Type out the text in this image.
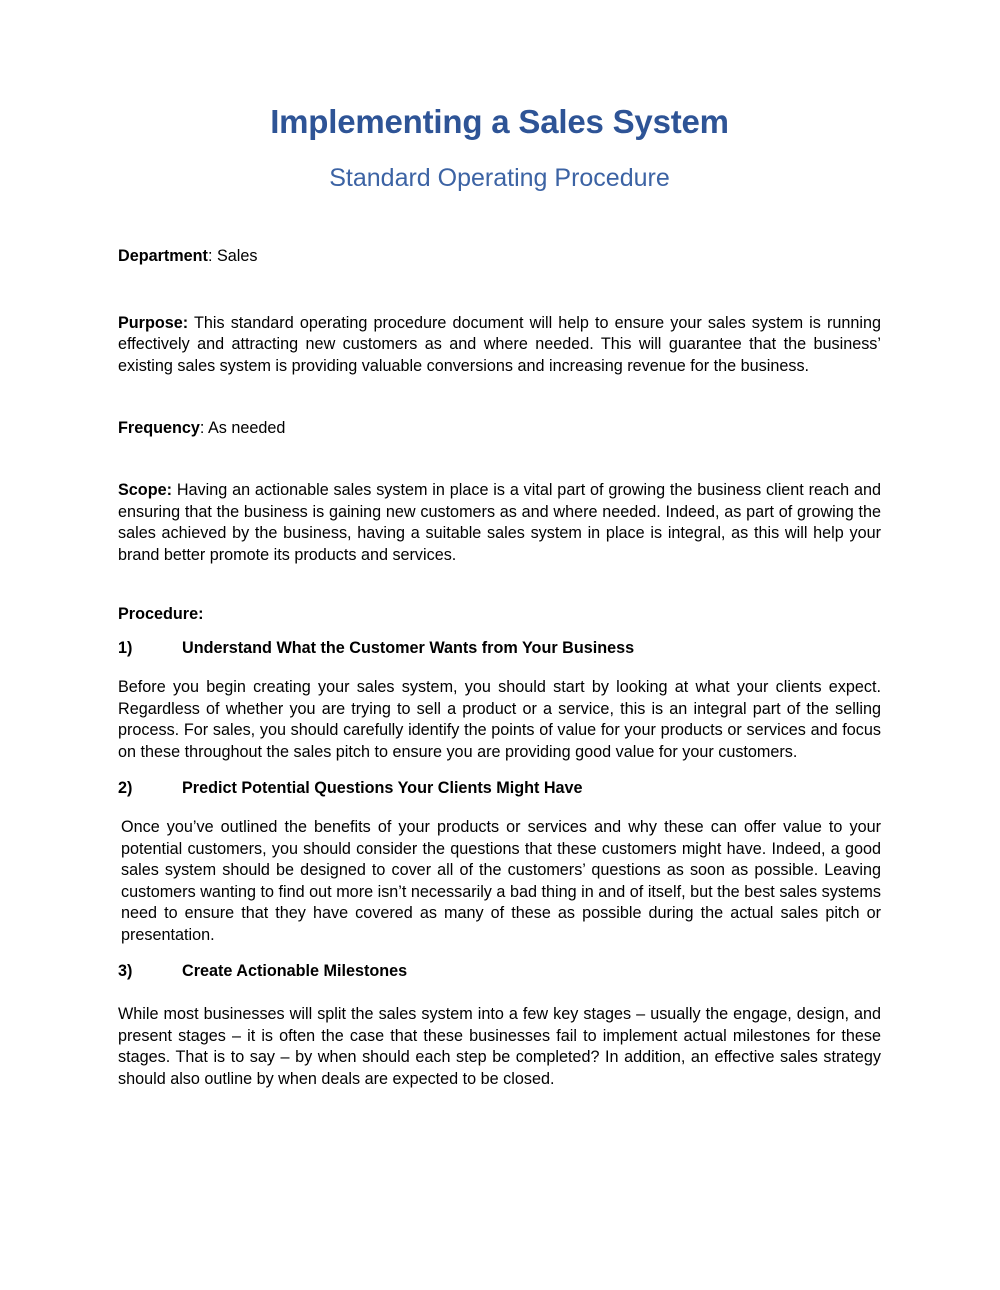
Implementing a Sales System
Standard Operating Procedure
Department: Sales
Purpose: This standard operating procedure document will help to ensure your sales system is running effectively and attracting new customers as and where needed. This will guarantee that the business’ existing sales system is providing valuable conversions and increasing revenue for the business.
Frequency: As needed
Scope: Having an actionable sales system in place is a vital part of growing the business client reach and ensuring that the business is gaining new customers as and where needed. Indeed, as part of growing the sales achieved by the business, having a suitable sales system in place is integral, as this will help your brand better promote its products and services.
Procedure:
1)	Understand What the Customer Wants from Your Business
Before you begin creating your sales system, you should start by looking at what your clients expect. Regardless of whether you are trying to sell a product or a service, this is an integral part of the selling process. For sales, you should carefully identify the points of value for your products or services and focus on these throughout the sales pitch to ensure you are providing good value for your customers.
2)	Predict Potential Questions Your Clients Might Have
Once you’ve outlined the benefits of your products or services and why these can offer value to your potential customers, you should consider the questions that these customers might have. Indeed, a good sales system should be designed to cover all of the customers’ questions as soon as possible. Leaving customers wanting to find out more isn’t necessarily a bad thing in and of itself, but the best sales systems need to ensure that they have covered as many of these as possible during the actual sales pitch or presentation.
3)	Create Actionable Milestones
While most businesses will split the sales system into a few key stages – usually the engage, design, and present stages – it is often the case that these businesses fail to implement actual milestones for these stages. That is to say – by when should each step be completed? In addition, an effective sales strategy should also outline by when deals are expected to be closed.
